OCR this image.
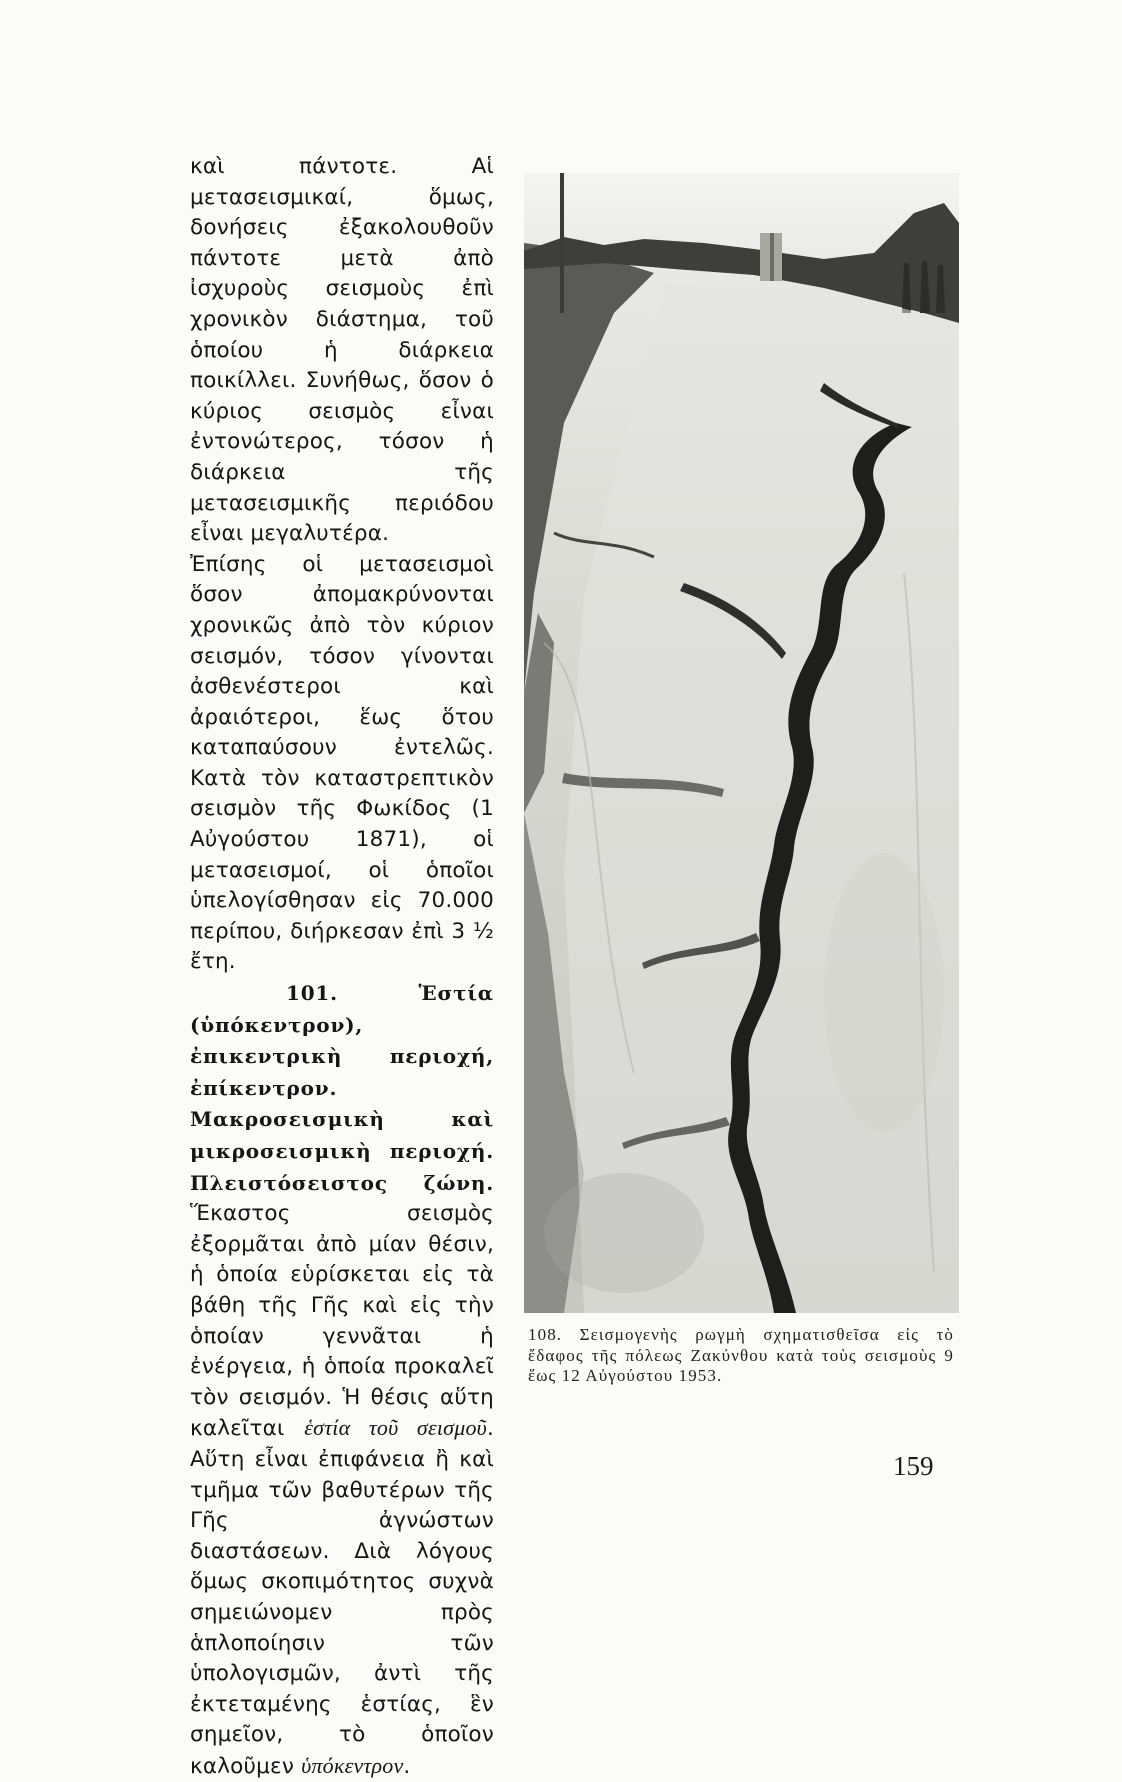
καὶ πάντοτε. Αἱ μετασεισμικαί, ὅμως, δονήσεις ἐξακολουθοῦν πάντοτε μετὰ ἀπὸ ἰσχυροὺς σεισμοὺς ἐπὶ χρονικὸν διάστημα, τοῦ ὁποίου ἡ διάρκεια ποικίλλει. Συνήθως, ὅσον ὁ κύριος σεισμὸς εἶναι ἐντονώτερος, τόσον ἡ διάρκεια τῆς μετασεισμικῆς περιόδου εἶναι μεγαλυτέρα.

Ἐπίσης οἱ μετασεισμοὶ ὅσον ἀπομακρύνονται χρονικῶς ἀπὸ τὸν κύριον σεισμόν, τόσον γίνονται ἀσθενέστεροι καὶ ἀραιότεροι, ἕως ὅτου καταπαύσουν ἐντελῶς. Κατὰ τὸν καταστρεπτικὸν σεισμὸν τῆς Φωκίδος (1 Αὐγούστου 1871), οἱ μετασεισμοί, οἱ ὁποῖοι ὑπελογίσθησαν εἰς 70.000 περίπου, διήρκεσαν ἐπὶ 3 ½ ἔτη.

101.	Ἑστία (ὑπόκεντρον), ἐπικεντρικὴ περιοχή, ἐπίκεντρον. Μακροσεισμικὴ καὶ μικροσεισμικὴ περιοχή. Πλειστόσειστος ζώνη. Ἕκαστος σεισμὸς ἐξορμᾶται ἀπὸ μίαν θέσιν, ἡ ὁποία εὑρίσκεται εἰς τὰ βάθη τῆς Γῆς καὶ εἰς τὴν ὁποίαν γεννᾶται ἡ ἐνέργεια, ἡ ὁποία προκαλεῖ τὸν σεισμόν. Ἡ θέσις αὕτη καλεῖται ἑστία τοῦ σεισμοῦ. Αὕτη εἶναι ἐπιφάνεια ἢ καὶ τμῆμα τῶν βαθυτέρων τῆς Γῆς ἀγνώστων διαστάσεων. Διὰ λόγους ὅμως σκοπιμότητος συχνὰ σημειώνομεν πρὸς ἁπλοποίησιν τῶν ὑπολογισμῶν, ἀντὶ τῆς ἐκτεταμένης ἑστίας, ἓν σημεῖον, τὸ ὁποῖον καλοῦμεν ὑπόκεντρον.

108. Σεισμογενὴς ρωγμὴ σχηματισθεῖσα εἰς τὸ ἔδαφος τῆς πόλεως Ζακύνθου κατὰ τοὺς σεισμοὺς 9 ἕως 12 Αὐγούστου 1953.
159
